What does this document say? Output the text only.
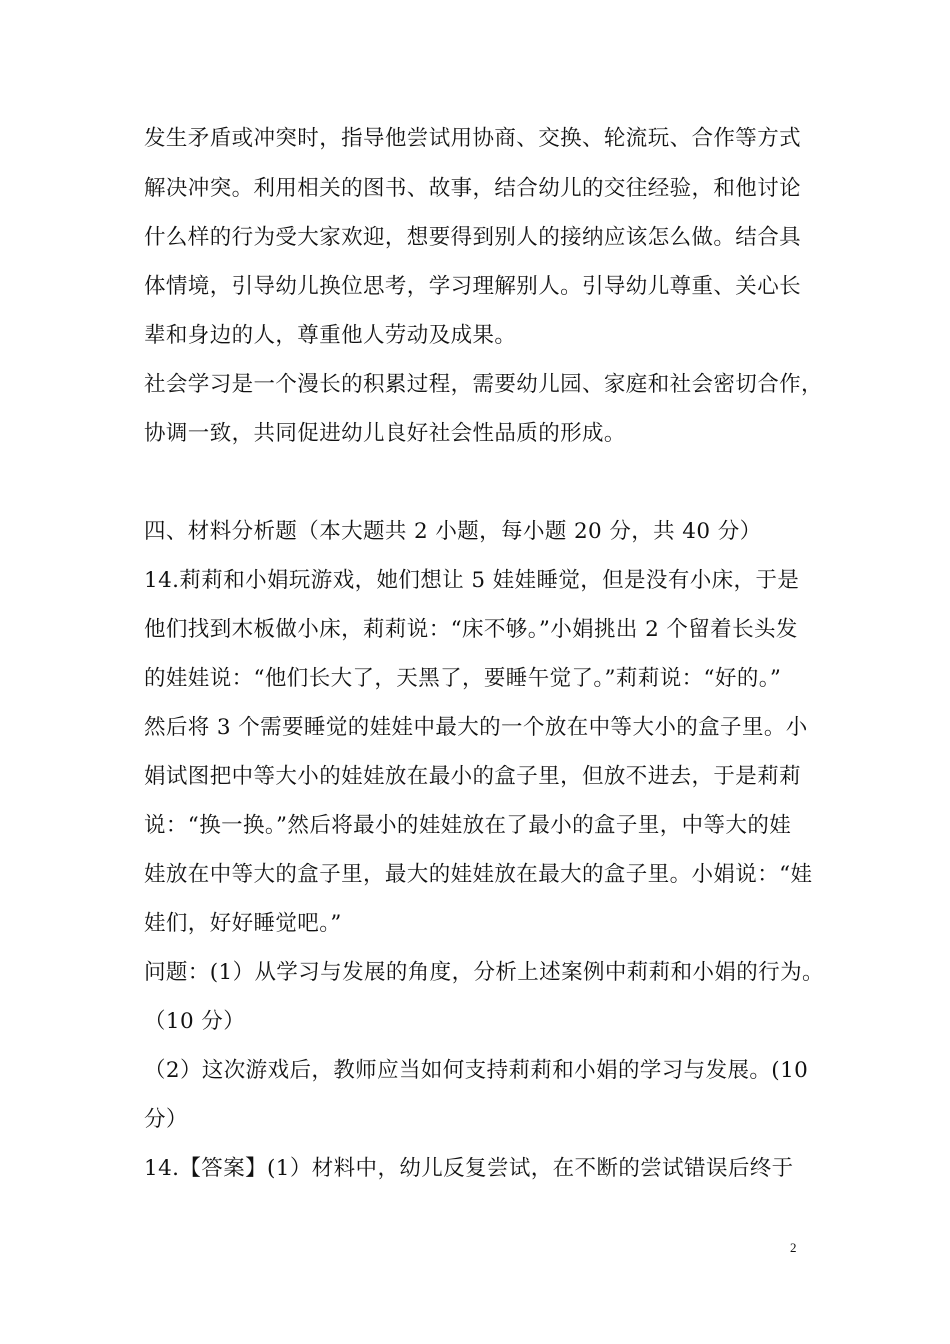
发生矛盾或冲突时，指导他尝试用协商、交换、轮流玩、合作等方式
解决冲突。利用相关的图书、故事，结合幼儿的交往经验，和他讨论
什么样的行为受大家欢迎，想要得到别人的接纳应该怎么做。结合具
体情境，引导幼儿换位思考，学习理解别人。引导幼儿尊重、关心长
辈和身边的人，尊重他人劳动及成果。
社会学习是一个漫长的积累过程，需要幼儿园、家庭和社会密切合作，
协调一致，共同促进幼儿良好社会性品质的形成。
四、材料分析题（本大题共 2 小题，每小题 20 分，共 40 分）
14.莉莉和小娟玩游戏，她们想让 5 娃娃睡觉，但是没有小床，于是
他们找到木板做小床，莉莉说：“床不够。”小娟挑出 2 个留着长头发
的娃娃说：“他们长大了，天黑了，要睡午觉了。”莉莉说：“好的。”
然后将 3 个需要睡觉的娃娃中最大的一个放在中等大小的盒子里。小
娟试图把中等大小的娃娃放在最小的盒子里，但放不进去，于是莉莉
说：“换一换。”然后将最小的娃娃放在了最小的盒子里，中等大的娃
娃放在中等大的盒子里，最大的娃娃放在最大的盒子里。小娟说：“娃
娃们，好好睡觉吧。”
问题：(1）从学习与发展的角度，分析上述案例中莉莉和小娟的行为。
（10 分）
（2）这次游戏后，教师应当如何支持莉莉和小娟的学习与发展。(10
分）
14.【答案】(1）材料中，幼儿反复尝试，在不断的尝试错误后终于
2
